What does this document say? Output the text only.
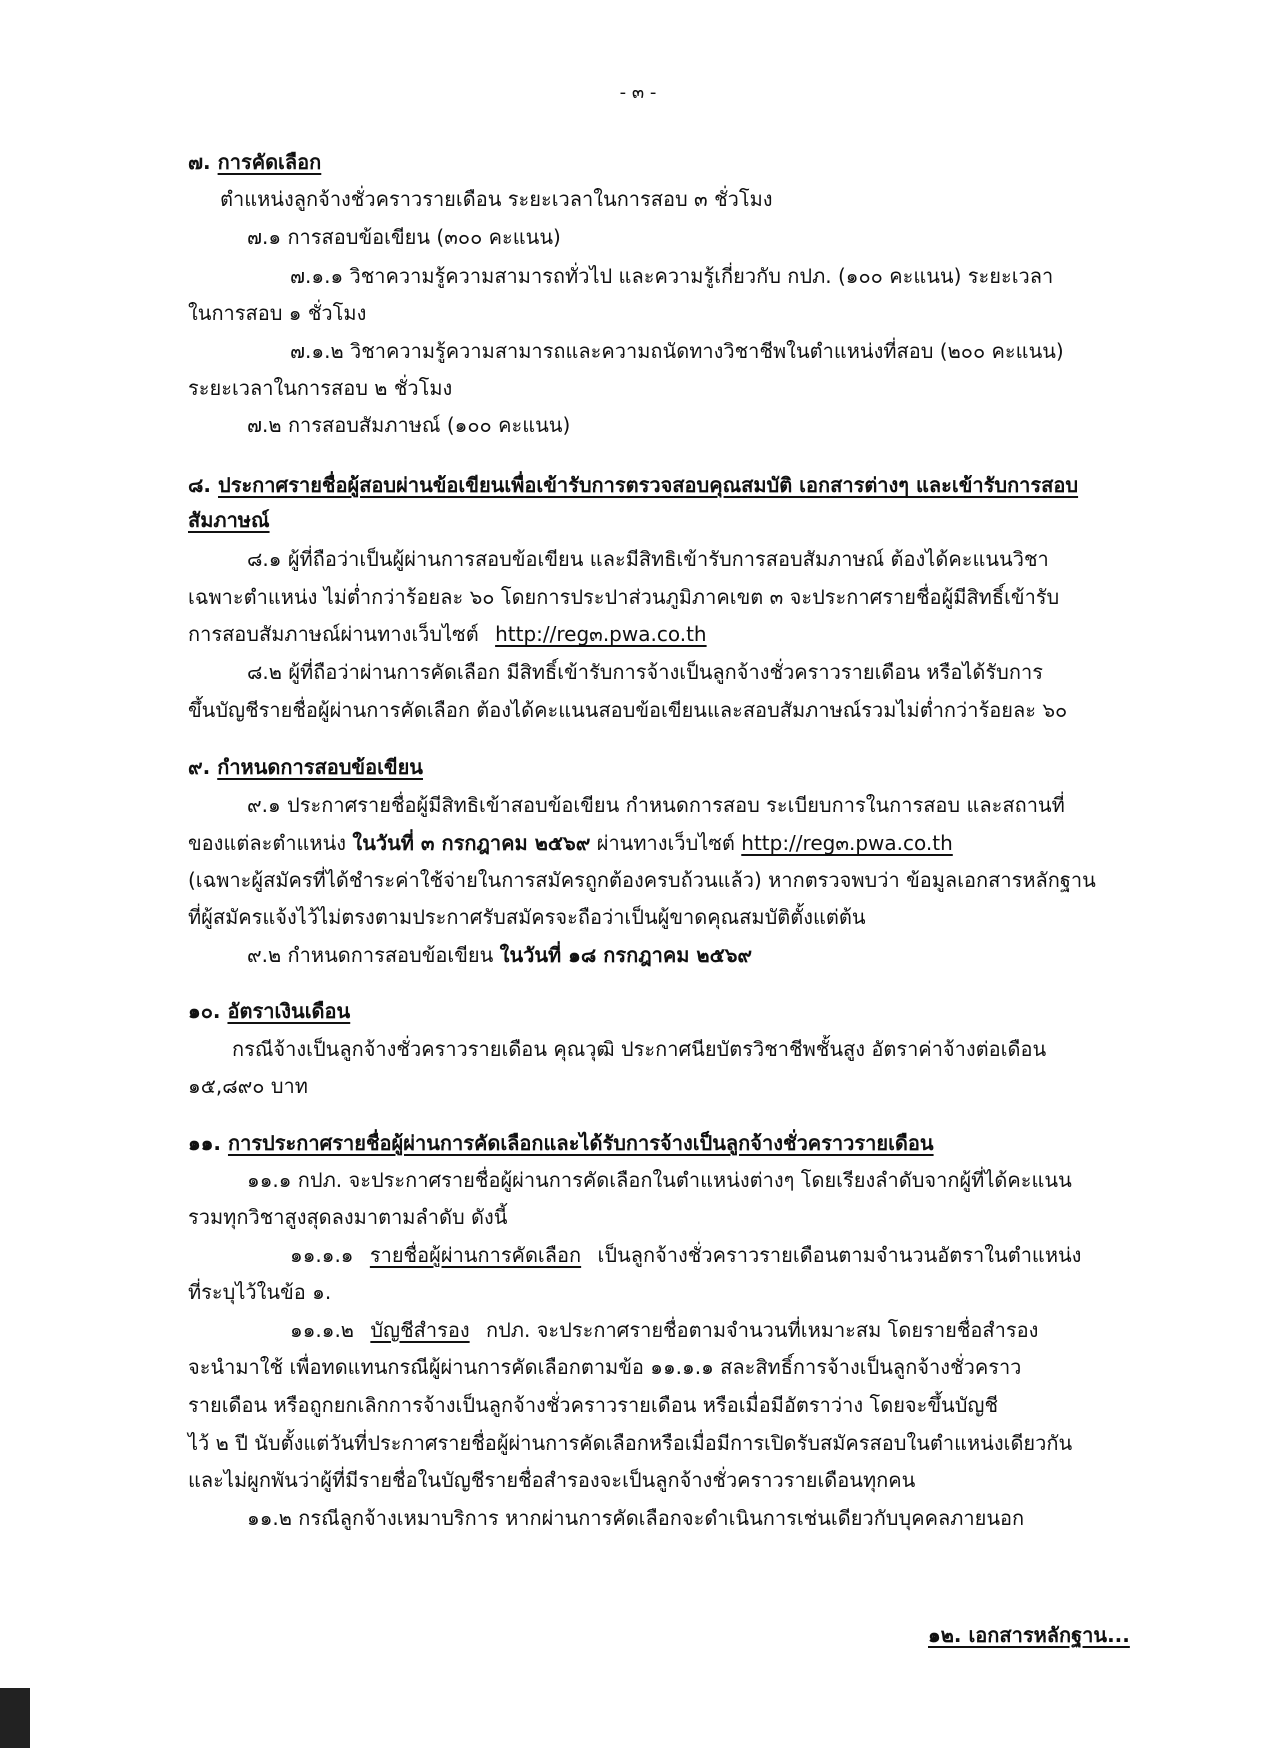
- ๓ -
๗. การคัดเลือก
ตำแหน่งลูกจ้างชั่วคราวรายเดือน ระยะเวลาในการสอบ ๓ ชั่วโมง
๗.๑ การสอบข้อเขียน (๓๐๐ คะแนน)
๗.๑.๑ วิชาความรู้ความสามารถทั่วไป และความรู้เกี่ยวกับ กปภ. (๑๐๐ คะแนน) ระยะเวลา
ในการสอบ ๑ ชั่วโมง
๗.๑.๒ วิชาความรู้ความสามารถและความถนัดทางวิชาชีพในตำแหน่งที่สอบ (๒๐๐ คะแนน)
ระยะเวลาในการสอบ ๒ ชั่วโมง
๗.๒ การสอบสัมภาษณ์ (๑๐๐ คะแนน)
๘. ประกาศรายชื่อผู้สอบผ่านข้อเขียนเพื่อเข้ารับการตรวจสอบคุณสมบัติ เอกสารต่างๆ และเข้ารับการสอบ
สัมภาษณ์
๘.๑ ผู้ที่ถือว่าเป็นผู้ผ่านการสอบข้อเขียน และมีสิทธิเข้ารับการสอบสัมภาษณ์ ต้องได้คะแนนวิชา
เฉพาะตำแหน่ง ไม่ต่ำกว่าร้อยละ ๖๐ โดยการประปาส่วนภูมิภาคเขต ๓ จะประกาศรายชื่อผู้มีสิทธิ์เข้ารับ
การสอบสัมภาษณ์ผ่านทางเว็บไซต์ http://reg๓.pwa.co.th
๘.๒ ผู้ที่ถือว่าผ่านการคัดเลือก มีสิทธิ์เข้ารับการจ้างเป็นลูกจ้างชั่วคราวรายเดือน หรือได้รับการ
ขึ้นบัญชีรายชื่อผู้ผ่านการคัดเลือก ต้องได้คะแนนสอบข้อเขียนและสอบสัมภาษณ์รวมไม่ต่ำกว่าร้อยละ ๖๐
๙. กำหนดการสอบข้อเขียน
๙.๑ ประกาศรายชื่อผู้มีสิทธิเข้าสอบข้อเขียน กำหนดการสอบ ระเบียบการในการสอบ และสถานที่
ของแต่ละตำแหน่ง ในวันที่ ๓ กรกฎาคม ๒๕๖๙ ผ่านทางเว็บไซต์ http://reg๓.pwa.co.th
(เฉพาะผู้สมัครที่ได้ชำระค่าใช้จ่ายในการสมัครถูกต้องครบถ้วนแล้ว) หากตรวจพบว่า ข้อมูลเอกสารหลักฐาน
ที่ผู้สมัครแจ้งไว้ไม่ตรงตามประกาศรับสมัครจะถือว่าเป็นผู้ขาดคุณสมบัติตั้งแต่ต้น
๙.๒ กำหนดการสอบข้อเขียน ในวันที่ ๑๘ กรกฎาคม ๒๕๖๙
๑๐. อัตราเงินเดือน
กรณีจ้างเป็นลูกจ้างชั่วคราวรายเดือน คุณวุฒิ ประกาศนียบัตรวิชาชีพชั้นสูง อัตราค่าจ้างต่อเดือน
๑๕,๘๙๐ บาท
๑๑. การประกาศรายชื่อผู้ผ่านการคัดเลือกและได้รับการจ้างเป็นลูกจ้างชั่วคราวรายเดือน
๑๑.๑ กปภ. จะประกาศรายชื่อผู้ผ่านการคัดเลือกในตำแหน่งต่างๆ โดยเรียงลำดับจากผู้ที่ได้คะแนน
รวมทุกวิชาสูงสุดลงมาตามลำดับ ดังนี้
๑๑.๑.๑ รายชื่อผู้ผ่านการคัดเลือก เป็นลูกจ้างชั่วคราวรายเดือนตามจำนวนอัตราในตำแหน่ง
ที่ระบุไว้ในข้อ ๑.
๑๑.๑.๒ บัญชีสำรอง กปภ. จะประกาศรายชื่อตามจำนวนที่เหมาะสม โดยรายชื่อสำรอง
จะนำมาใช้ เพื่อทดแทนกรณีผู้ผ่านการคัดเลือกตามข้อ ๑๑.๑.๑ สละสิทธิ์การจ้างเป็นลูกจ้างชั่วคราว
รายเดือน หรือถูกยกเลิกการจ้างเป็นลูกจ้างชั่วคราวรายเดือน หรือเมื่อมีอัตราว่าง โดยจะขึ้นบัญชี
ไว้ ๒ ปี นับตั้งแต่วันที่ประกาศรายชื่อผู้ผ่านการคัดเลือกหรือเมื่อมีการเปิดรับสมัครสอบในตำแหน่งเดียวกัน
และไม่ผูกพันว่าผู้ที่มีรายชื่อในบัญชีรายชื่อสำรองจะเป็นลูกจ้างชั่วคราวรายเดือนทุกคน
๑๑.๒ กรณีลูกจ้างเหมาบริการ หากผ่านการคัดเลือกจะดำเนินการเช่นเดียวกับบุคคลภายนอก
๑๒. เอกสารหลักฐาน...
